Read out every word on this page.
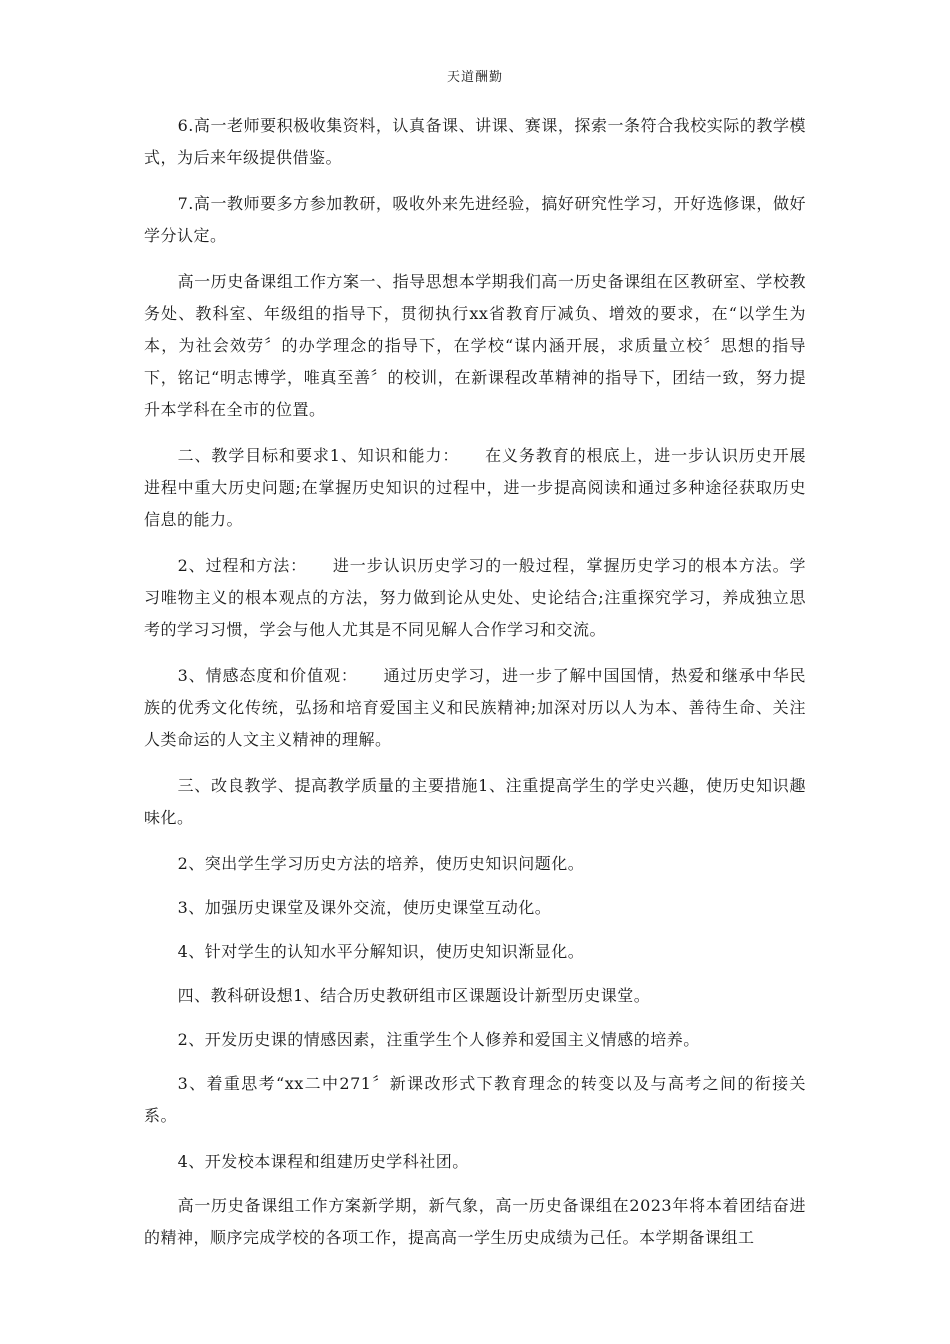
天道酬勤

6.高一老师要积极收集资料，认真备课、讲课、赛课，探索一条符合我校实际的教学模式，为后来年级提供借鉴。

7.高一教师要多方参加教研，吸收外来先进经验，搞好研究性学习，开好选修课，做好学分认定。

高一历史备课组工作方案一、指导思想本学期我们高一历史备课组在区教研室、学校教务处、教科室、年级组的指导下，贯彻执行xx省教育厅减负、增效的要求，在“以学生为本，为社会效劳〞的办学理念的指导下，在学校“谋内涵开展，求质量立校〞思想的指导下，铭记“明志博学，唯真至善〞的校训，在新课程改革精神的指导下，团结一致，努力提升本学科在全市的位置。

二、教学目标和要求1、知识和能力：　　在义务教育的根底上，进一步认识历史开展进程中重大历史问题;在掌握历史知识的过程中，进一步提高阅读和通过多种途径获取历史信息的能力。

2、过程和方法：　　进一步认识历史学习的一般过程，掌握历史学习的根本方法。学习唯物主义的根本观点的方法，努力做到论从史处、史论结合;注重探究学习，养成独立思考的学习习惯，学会与他人尤其是不同见解人合作学习和交流。

3、情感态度和价值观：　　通过历史学习，进一步了解中国国情，热爱和继承中华民族的优秀文化传统，弘扬和培育爱国主义和民族精神;加深对历以人为本、善待生命、关注人类命运的人文主义精神的理解。

三、改良教学、提高教学质量的主要措施1、注重提高学生的学史兴趣，使历史知识趣味化。

2、突出学生学习历史方法的培养，使历史知识问题化。

3、加强历史课堂及课外交流，使历史课堂互动化。

4、针对学生的认知水平分解知识，使历史知识渐显化。

四、教科研设想1、结合历史教研组市区课题设计新型历史课堂。

2、开发历史课的情感因素，注重学生个人修养和爱国主义情感的培养。

3、着重思考“xx二中271〞新课改形式下教育理念的转变以及与高考之间的衔接关系。

4、开发校本课程和组建历史学科社团。

高一历史备课组工作方案新学期，新气象，高一历史备课组在2023年将本着团结奋进的精神，顺序完成学校的各项工作，提高高一学生历史成绩为己任。本学期备课组工
